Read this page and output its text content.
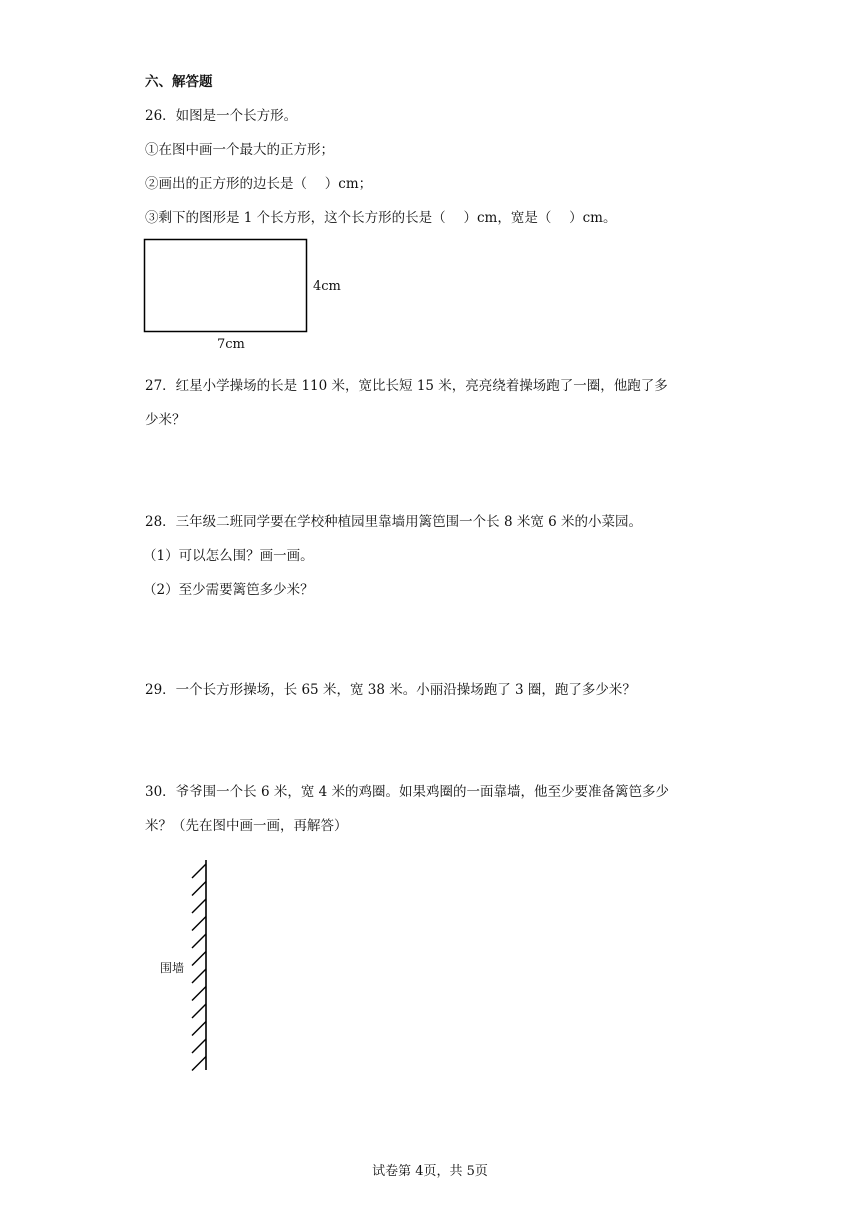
六、解答题
26．如图是一个长方形。
①在图中画一个最大的正方形；
②画出的正方形的边长是（　 ）cm；
③剩下的图形是 1 个长方形，这个长方形的长是（　 ）cm，宽是（　 ）cm。
4cm
7cm
27．红星小学操场的长是 110 米，宽比长短 15 米，亮亮绕着操场跑了一圈，他跑了多
少米？
28．三年级二班同学要在学校种植园里靠墙用篱笆围一个长 8 米宽 6 米的小菜园。
（1）可以怎么围？画一画。
（2）至少需要篱笆多少米？
29．一个长方形操场，长 65 米，宽 38 米。小丽沿操场跑了 3 圈，跑了多少米？
30．爷爷围一个长 6 米，宽 4 米的鸡圈。如果鸡圈的一面靠墙，他至少要准备篱笆多少
米？（先在图中画一画，再解答）
围墙
试卷第 4页，共 5页
